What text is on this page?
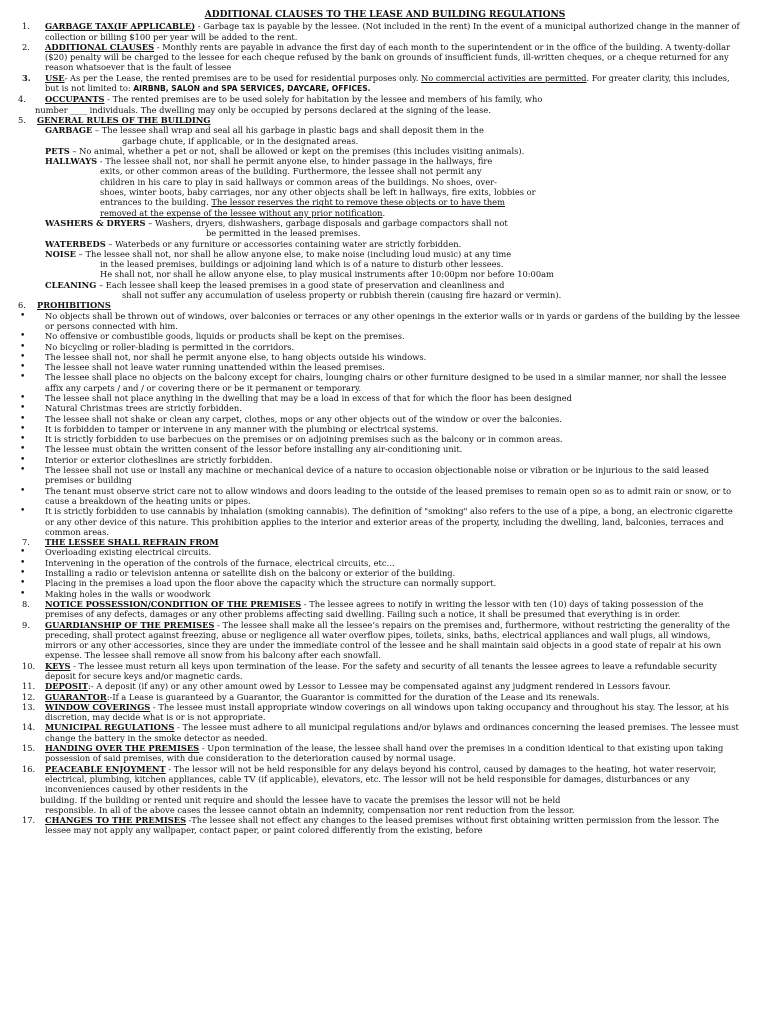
ADDITIONAL CLAUSES TO THE LEASE AND BUILDING REGULATIONS
1. GARBAGE TAX(IF APPLICABLE) - Garbage tax is payable by the lessee. (Not included in the rent) In the event of a municipal authorized change in the manner of collection or billing $100 per year will be added to the rent.
2. ADDITIONAL CLAUSES - Monthly rents are payable in advance the first day of each month to the superintendent or in the office of the building. A twenty-dollar ($20) penalty will be charged to the lessee for each cheque refused by the bank on grounds of insufficient funds, ill-written cheques, or a cheque returned for any reason whatsoever that is the fault of lessee
3. USE- As per the Lease, the rented premises are to be used for residential purposes only. No commercial activities are permitted. For greater clarity, this includes, but is not limited to: AIRBNB, SALON and SPA SERVICES, DAYCARE, OFFICES.
4. OCCUPANTS - The rented premises are to be used solely for habitation by the lessee and members of his family, who
number ____ individuals. The dwelling may only be occupied by persons declared at the signing of the lease.
5. GENERAL RULES OF THE BUILDING
GARBAGE – The lessee shall wrap and seal all his garbage in plastic bags and shall deposit them in the
garbage chute, if applicable, or in the designated areas.
PETS – No animal, whether a pet or not, shall be allowed or kept on the premises (this includes visiting animals).
HALLWAYS - The lessee shall not, nor shall he permit anyone else, to hinder passage in the hallways, fire
exits, or other common areas of the building. Furthermore, the lessee shall not permit any
children in his care to play in said hallways or common areas of the buildings. No shoes, over-
shoes, winter boots, baby carriages, nor any other objects shall be left in hallways, fire exits, lobbies or
entrances to the building. The lessor reserves the right to remove these objects or to have them
removed at the expense of the lessee without any prior notification.
WASHERS & DRYERS – Washers, dryers, dishwashers, garbage disposals and garbage compactors shall not
be permitted in the leased premises.
WATERBEDS – Waterbeds or any furniture or accessories containing water are strictly forbidden.
NOISE – The lessee shall not, nor shall he allow anyone else, to make noise (including loud music) at any time
in the leased premises, buildings or adjoining land which is of a nature to disturb other lessees.
He shall not, nor shall he allow anyone else, to play musical instruments after 10:00pm nor before 10:00am
CLEANING – Each lessee shall keep the leased premises in a good state of preservation and cleanliness and
shall not suffer any accumulation of useless property or rubbish therein (causing fire hazard or vermin).
6. PROHIBITIONS
• No objects shall be thrown out of windows, over balconies or terraces or any other openings in the exterior walls or in yards or gardens of the building by the lessee or persons connected with him.
• No offensive or combustible goods, liquids or products shall be kept on the premises.
• No bicycling or roller-blading is permitted in the corridors.
• The lessee shall not, nor shall he permit anyone else, to hang objects outside his windows.
• The lessee shall not leave water running unattended within the leased premises.
• The lessee shall place no objects on the balcony except for chairs, lounging chairs or other furniture designed to be used in a similar manner, nor shall the lessee affix any carpets / and / or covering there or be it permanent or temporary.
• The lessee shall not place anything in the dwelling that may be a load in excess of that for which the floor has been designed
• Natural Christmas trees are strictly forbidden.
• The lessee shall not shake or clean any carpet, clothes, mops or any other objects out of the window or over the balconies.
• It is forbidden to tamper or intervene in any manner with the plumbing or electrical systems.
• It is strictly forbidden to use barbecues on the premises or on adjoining premises such as the balcony or in common areas.
• The lessee must obtain the written consent of the lessor before installing any air-conditioning unit.
• Interior or exterior clotheslines are strictly forbidden.
• The lessee shall not use or install any machine or mechanical device of a nature to occasion objectionable noise or vibration or be injurious to the said leased premises or building
• The tenant must observe strict care not to allow windows and doors leading to the outside of the leased premises to remain open so as to admit rain or snow, or to cause a breakdown of the heating units or pipes.
• It is strictly forbidden to use cannabis by inhalation (smoking cannabis). The definition of "smoking" also refers to the use of a pipe, a bong, an electronic cigarette or any other device of this nature. This prohibition applies to the interior and exterior areas of the property, including the dwelling, land, balconies, terraces and common areas.
7. THE LESSEE SHALL REFRAIN FROM
• Overloading existing electrical circuits.
• Intervening in the operation of the controls of the furnace, electrical circuits, etc…
• Installing a radio or television antenna or satellite dish on the balcony or exterior of the building.
• Placing in the premises a load upon the floor above the capacity which the structure can normally support.
• Making holes in the walls or woodwork
8. NOTICE POSSESSION/CONDITION OF THE PREMISES - The lessee agrees to notify in writing the lessor with ten (10) days of taking possession of the premises of any defects, damages or any other problems affecting said dwelling. Failing such a notice, it shall be presumed that everything is in order.
9. GUARDIANSHIP OF THE PREMISES - The lessee shall make all the lessee’s repairs on the premises and, furthermore, without restricting the generality of the preceding, shall protect against freezing, abuse or negligence all water overflow pipes, toilets, sinks, baths, electrical appliances and wall plugs, all windows, mirrors or any other accessories, since they are under the immediate control of the lessee and he shall maintain said objects in a good state of repair at his own expense. The lessee shall remove all snow from his balcony after each snowfall.
10. KEYS - The lessee must return all keys upon termination of the lease. For the safety and security of all tenants the lessee agrees to leave a refundable security deposit for secure keys and/or magnetic cards.
11. DEPOSIT:- A deposit (if any) or any other amount owed by Lessor to Lessee may be compensated against any judgment rendered in Lessors favour.
12. GUARANTOR:-If a Lease is guaranteed by a Guarantor, the Guarantor is committed for the duration of the Lease and its renewals.
13. WINDOW COVERINGS - The lessee must install appropriate window coverings on all windows upon taking occupancy and throughout his stay. The lessor, at his discretion, may decide what is or is not appropriate.
14. MUNICIPAL REGULATIONS - The lessee must adhere to all municipal regulations and/or bylaws and ordinances concerning the leased premises. The lessee must change the battery in the smoke detector as needed.
15. HANDING OVER THE PREMISES - Upon termination of the lease, the lessee shall hand over the premises in a condition identical to that existing upon taking possession of said premises, with due consideration to the deterioration caused by normal usage.
16. PEACEABLE ENJOYMENT - The lessor will not be held responsible for any delays beyond his control, caused by damages to the heating, hot water reservoir, electrical, plumbing, kitchen appliances, cable TV (if applicable), elevators, etc. The lessor will not be held responsible for damages, disturbances or any inconveniences caused by other residents in the
building. If the building or rented unit require and should the lessee have to vacate the premises the lessor will not be held
responsible. In all of the above cases the lessee cannot obtain an indemnity, compensation nor rent reduction from the lessor.
17. CHANGES TO THE PREMISES -The lessee shall not effect any changes to the leased premises without first obtaining written permission from the lessor. The lessee may not apply any wallpaper, contact paper, or paint colored differently from the existing, before
